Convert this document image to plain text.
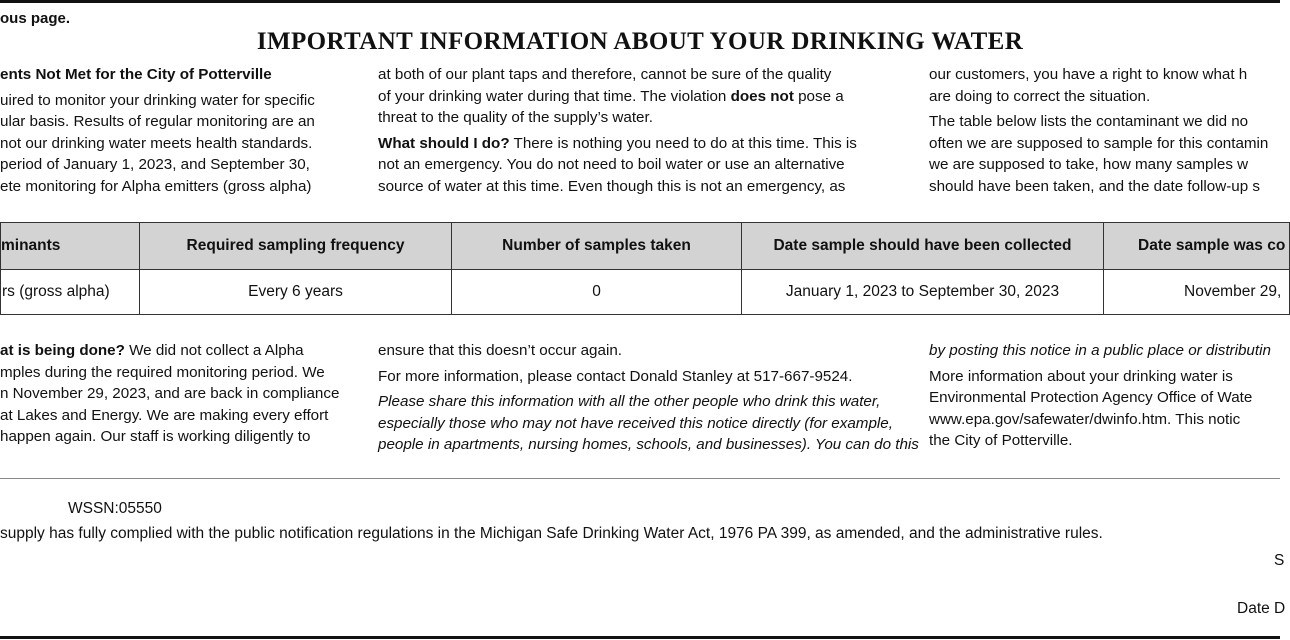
ous page.
IMPORTANT INFORMATION ABOUT YOUR DRINKING WATER

ents Not Met for the City of Potterville

uired to monitor your drinking water for specific
ular basis. Results of regular monitoring are an
not our drinking water meets health standards.
period of January 1, 2023, and September 30,
ete monitoring for Alpha emitters (gross alpha)

at both of our plant taps and therefore, cannot be sure of the quality
of your drinking water during that time. The violation does not pose a
threat to the quality of the supply’s water.

What should I do? There is nothing you need to do at this time. This is
not an emergency. You do not need to boil water or use an alternative
source of water at this time. Even though this is not an emergency, as

our customers, you have a right to know what h
are doing to correct the situation.

The table below lists the contaminant we did no
often we are supposed to sample for this contamin
we are supposed to take, how many samples w
should have been taken, and the date follow-up s

minants	Required sampling frequency	Number of samples taken	Date sample should have been collected	Date sample was co
rs (gross alpha)	Every 6 years	0	January 1, 2023 to September 30, 2023	November 29,
at is being done? We did not collect a Alpha
mples during the required monitoring period. We
n November 29, 2023, and are back in compliance
at Lakes and Energy. We are making every effort
happen again. Our staff is working diligently to

ensure that this doesn’t occur again.

For more information, please contact Donald Stanley at 517-667-9524.

Please share this information with all the other people who drink this water,
especially those who may not have received this notice directly (for example,
people in apartments, nursing homes, schools, and businesses). You can do this

by posting this notice in a public place or distributin

More information about your drinking water is
Environmental Protection Agency Office of Wate
www.epa.gov/safewater/dwinfo.htm. This notic
the City of Potterville.
WSSN:05550
supply has fully complied with the public notification regulations in the Michigan Safe Drinking Water Act, 1976 PA 399, as amended, and the administrative rules.
S
Date D
